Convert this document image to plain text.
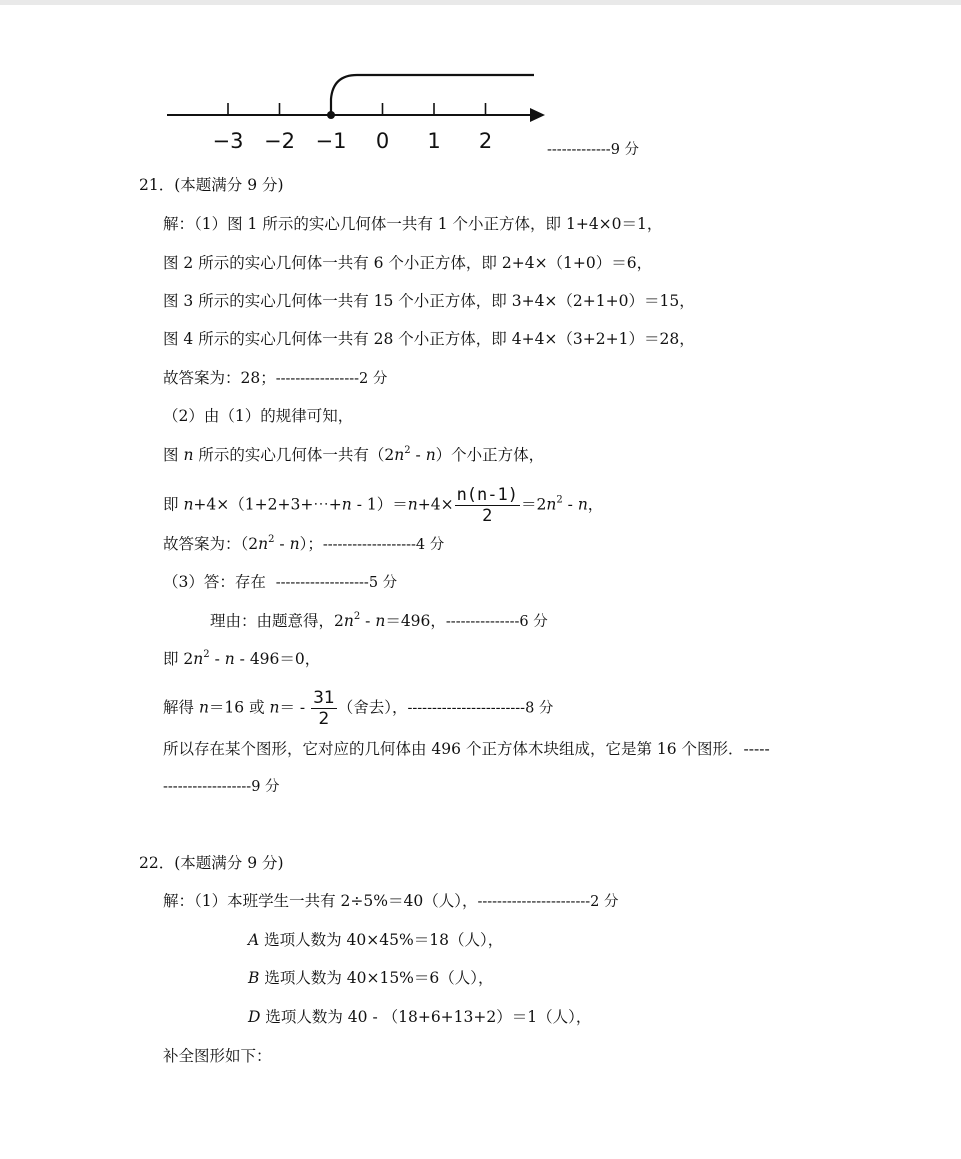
−3 −2 −1 0 1 2	-------------9 分
21．(本题满分 9 分)
解：（1）图 1 所示的实心几何体一共有 1 个小正方体，即 1+4×0＝1，
图 2 所示的实心几何体一共有 6 个小正方体，即 2+4×（1+0）＝6，
图 3 所示的实心几何体一共有 15 个小正方体，即 3+4×（2+1+0）＝15，
图 4 所示的实心几何体一共有 28 个小正方体，即 4+4×（3+2+1）＝28，
故答案为：28；-----------------2 分
（2）由（1）的规律可知，
图 n 所示的实心几何体一共有$(2n^2 - n)$个小正方体，
即 n+4×（1+2+3+⋯+n - $1)=n+4\times \frac{n(n-1)}{2} =2n^2 - n$，
故答案为：$(2n^2 - n)$；-------------------4 分
（3）答：存在 -------------------5 分
理由：由题意得，$2n^2 - n=496$，---------------6 分
即 $2n^2 - n - 496=0$，
解得 n＝16 或 $n= - \frac{31}{2}$ （舍去），------------------------8 分
所以存在某个图形，它对应的几何体由 496 个正方体木块组成，它是第 16 个图形．-----
------------------9 分
22．(本题满分 9 分)
解：（1）本班学生一共有 2÷5%＝40（人），-----------------------2 分
A 选项人数为 40×45%＝18（人），
B 选项人数为 40×15%＝6（人），
D 选项人数为 40 - （18+6+13+2）＝1（人），
补全图形如下：
